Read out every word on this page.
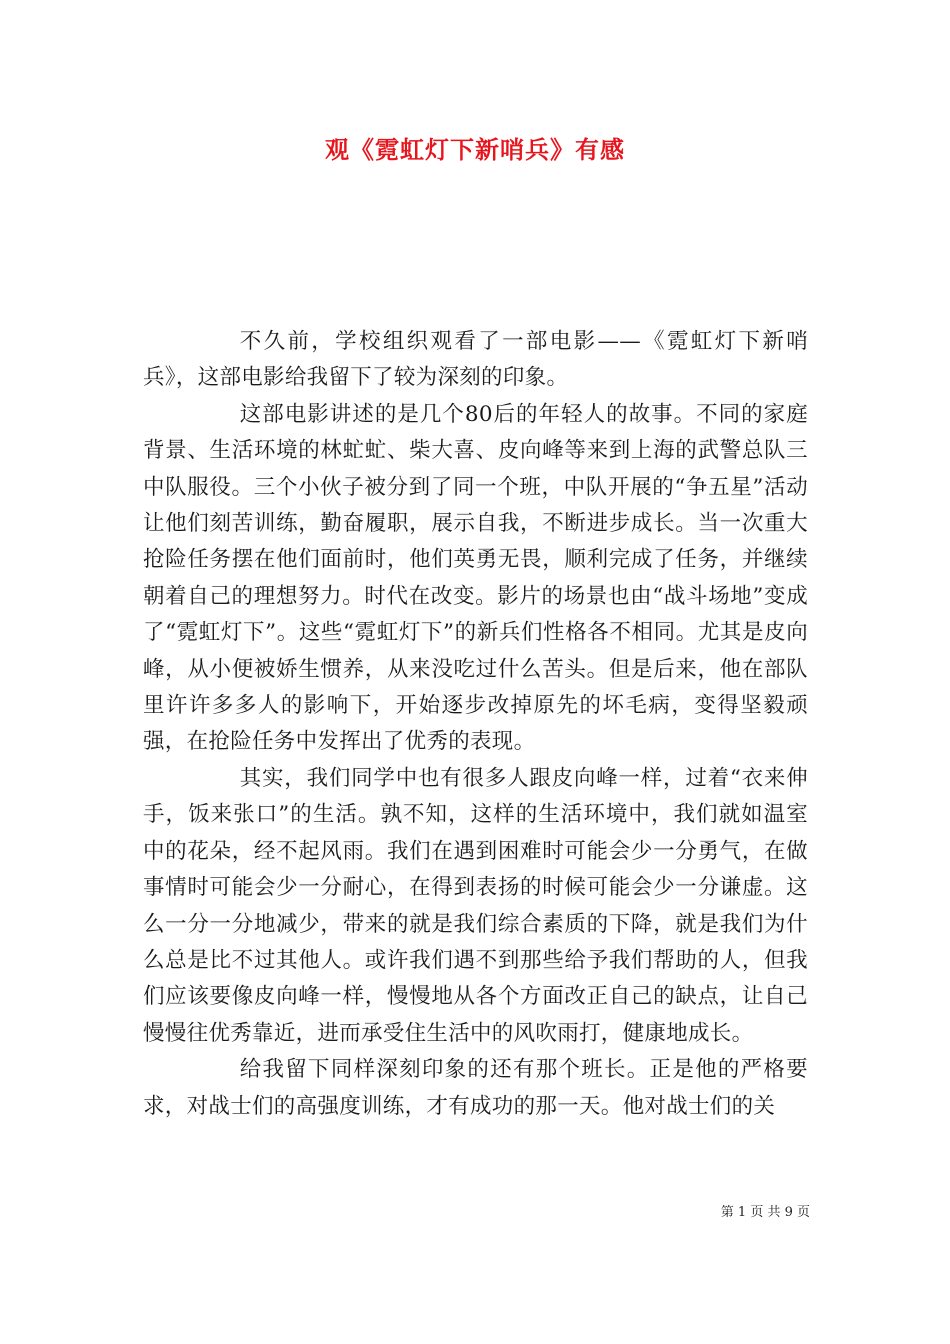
观《霓虹灯下新哨兵》有感

不久前，学校组织观看了一部电影——《霓虹灯下新哨兵》，这部电影给我留下了较为深刻的印象。

这部电影讲述的是几个80后的年轻人的故事。不同的家庭背景、生活环境的林虻虻、柴大喜、皮向峰等来到上海的武警总队三中队服役。三个小伙子被分到了同一个班，中队开展的“争五星”活动让他们刻苦训练，勤奋履职，展示自我，不断进步成长。当一次重大抢险任务摆在他们面前时，他们英勇无畏，顺利完成了任务，并继续朝着自己的理想努力。时代在改变。影片的场景也由“战斗场地”变成了“霓虹灯下”。这些“霓虹灯下”的新兵们性格各不相同。尤其是皮向峰，从小便被娇生惯养，从来没吃过什么苦头。但是后来，他在部队里许许多多人的影响下，开始逐步改掉原先的坏毛病，变得坚毅顽强，在抢险任务中发挥出了优秀的表现。

其实，我们同学中也有很多人跟皮向峰一样，过着“衣来伸手，饭来张口”的生活。孰不知，这样的生活环境中，我们就如温室中的花朵，经不起风雨。我们在遇到困难时可能会少一分勇气，在做事情时可能会少一分耐心，在得到表扬的时候可能会少一分谦虚。这么一分一分地减少，带来的就是我们综合素质的下降，就是我们为什么总是比不过其他人。或许我们遇不到那些给予我们帮助的人，但我们应该要像皮向峰一样，慢慢地从各个方面改正自己的缺点，让自己慢慢往优秀靠近，进而承受住生活中的风吹雨打，健康地成长。

给我留下同样深刻印象的还有那个班长。正是他的严格要求，对战士们的高强度训练，才有成功的那一天。他对战士们的关

第 1 页 共 9 页
